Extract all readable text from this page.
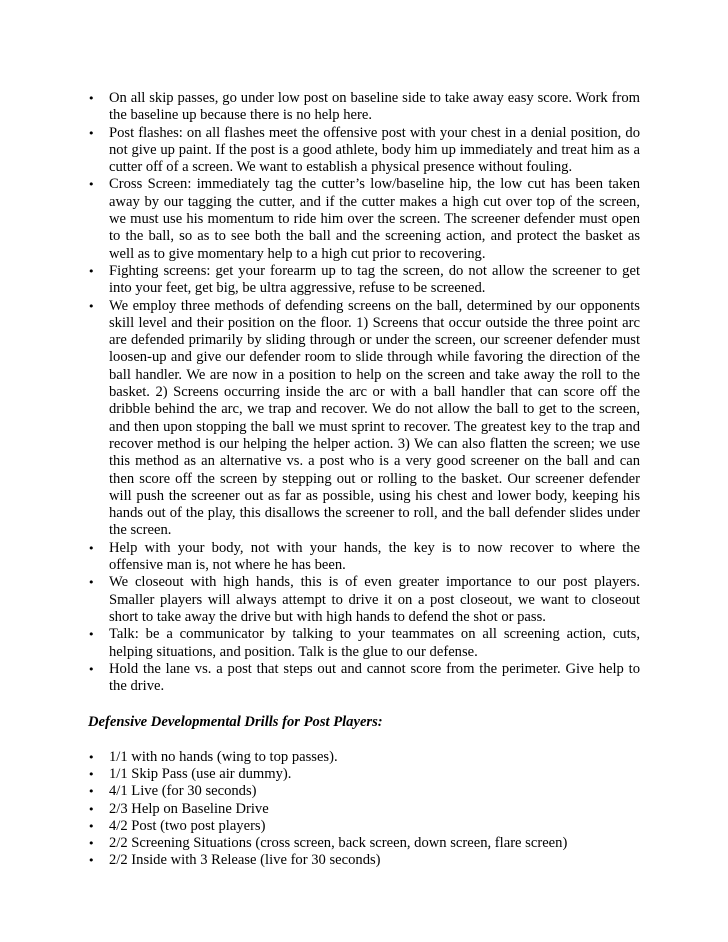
• On all skip passes, go under low post on baseline side to take away easy score. Work from the baseline up because there is no help here.
• Post flashes: on all flashes meet the offensive post with your chest in a denial position, do not give up paint. If the post is a good athlete, body him up immediately and treat him as a cutter off of a screen. We want to establish a physical presence without fouling.
• Cross Screen: immediately tag the cutter’s low/baseline hip, the low cut has been taken away by our tagging the cutter, and if the cutter makes a high cut over top of the screen, we must use his momentum to ride him over the screen. The screener defender must open to the ball, so as to see both the ball and the screening action, and protect the basket as well as to give momentary help to a high cut prior to recovering.
• Fighting screens: get your forearm up to tag the screen, do not allow the screener to get into your feet, get big, be ultra aggressive, refuse to be screened.
• We employ three methods of defending screens on the ball, determined by our opponents skill level and their position on the floor. 1) Screens that occur outside the three point arc are defended primarily by sliding through or under the screen, our screener defender must loosen-up and give our defender room to slide through while favoring the direction of the ball handler. We are now in a position to help on the screen and take away the roll to the basket. 2) Screens occurring inside the arc or with a ball handler that can score off the dribble behind the arc, we trap and recover. We do not allow the ball to get to the screen, and then upon stopping the ball we must sprint to recover. The greatest key to the trap and recover method is our helping the helper action. 3) We can also flatten the screen; we use this method as an alternative vs. a post who is a very good screener on the ball and can then score off the screen by stepping out or rolling to the basket. Our screener defender will push the screener out as far as possible, using his chest and lower body, keeping his hands out of the play, this disallows the screener to roll, and the ball defender slides under the screen.
• Help with your body, not with your hands, the key is to now recover to where the offensive man is, not where he has been.
• We closeout with high hands, this is of even greater importance to our post players. Smaller players will always attempt to drive it on a post closeout, we want to closeout short to take away the drive but with high hands to defend the shot or pass.
• Talk: be a communicator by talking to your teammates on all screening action, cuts, helping situations, and position. Talk is the glue to our defense.
• Hold the lane vs. a post that steps out and cannot score from the perimeter. Give help to the drive.
Defensive Developmental Drills for Post Players:
• 1/1 with no hands (wing to top passes).
• 1/1 Skip Pass (use air dummy).
• 4/1 Live (for 30 seconds)
• 2/3 Help on Baseline Drive
• 4/2 Post (two post players)
• 2/2 Screening Situations (cross screen, back screen, down screen, flare screen)
• 2/2 Inside with 3 Release (live for 30 seconds)
